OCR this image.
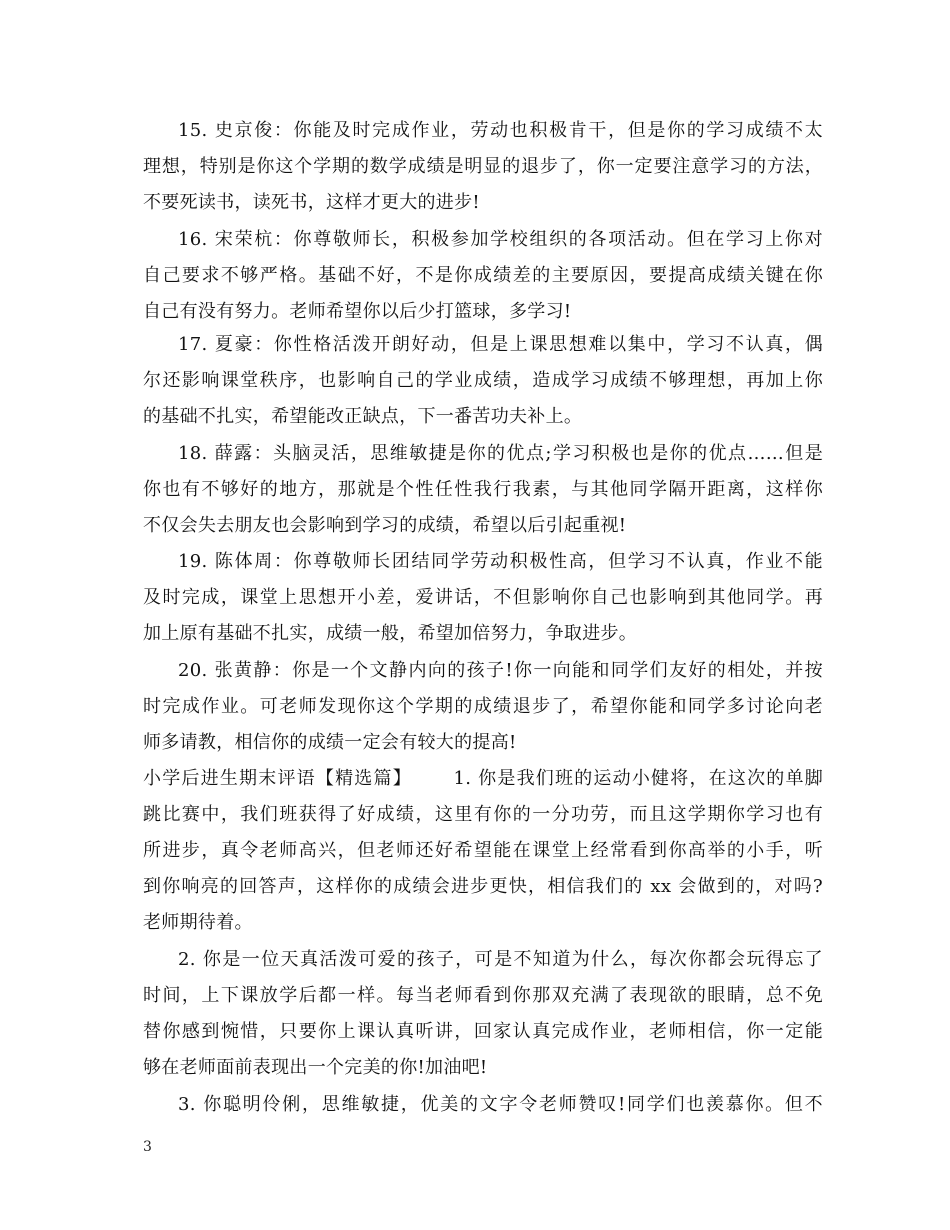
15. 史京俊：你能及时完成作业，劳动也积极肯干，但是你的学习成绩不太
理想，特别是你这个学期的数学成绩是明显的退步了，你一定要注意学习的方法，
不要死读书，读死书，这样才更大的进步!
16. 宋荣杭：你尊敬师长，积极参加学校组织的各项活动。但在学习上你对
自己要求不够严格。基础不好，不是你成绩差的主要原因，要提高成绩关键在你
自己有没有努力。老师希望你以后少打篮球，多学习!
17. 夏豪：你性格活泼开朗好动，但是上课思想难以集中，学习不认真，偶
尔还影响课堂秩序，也影响自己的学业成绩，造成学习成绩不够理想，再加上你
的基础不扎实，希望能改正缺点，下一番苦功夫补上。
18. 薛露：头脑灵活，思维敏捷是你的优点;学习积极也是你的优点……但是
你也有不够好的地方，那就是个性任性我行我素，与其他同学隔开距离，这样你
不仅会失去朋友也会影响到学习的成绩，希望以后引起重视!
19. 陈体周：你尊敬师长团结同学劳动积极性高，但学习不认真，作业不能
及时完成，课堂上思想开小差，爱讲话，不但影响你自己也影响到其他同学。再
加上原有基础不扎实，成绩一般，希望加倍努力，争取进步。
20. 张黄静：你是一个文静内向的孩子!你一向能和同学们友好的相处，并按
时完成作业。可老师发现你这个学期的成绩退步了，希望你能和同学多讨论向老
师多请教，相信你的成绩一定会有较大的提高!
小学后进生期末评语【精选篇】      1. 你是我们班的运动小健将，在这次的单脚
跳比赛中，我们班获得了好成绩，这里有你的一分功劳，而且这学期你学习也有
所进步，真令老师高兴，但老师还好希望能在课堂上经常看到你高举的小手，听
到你响亮的回答声，这样你的成绩会进步更快，相信我们的 xx 会做到的，对吗?
老师期待着。
2. 你是一位天真活泼可爱的孩子，可是不知道为什么，每次你都会玩得忘了
时间，上下课放学后都一样。每当老师看到你那双充满了表现欲的眼睛，总不免
替你感到惋惜，只要你上课认真听讲，回家认真完成作业，老师相信，你一定能
够在老师面前表现出一个完美的你!加油吧!
3. 你聪明伶俐，思维敏捷，优美的文字令老师赞叹!同学们也羡慕你。但不
3
